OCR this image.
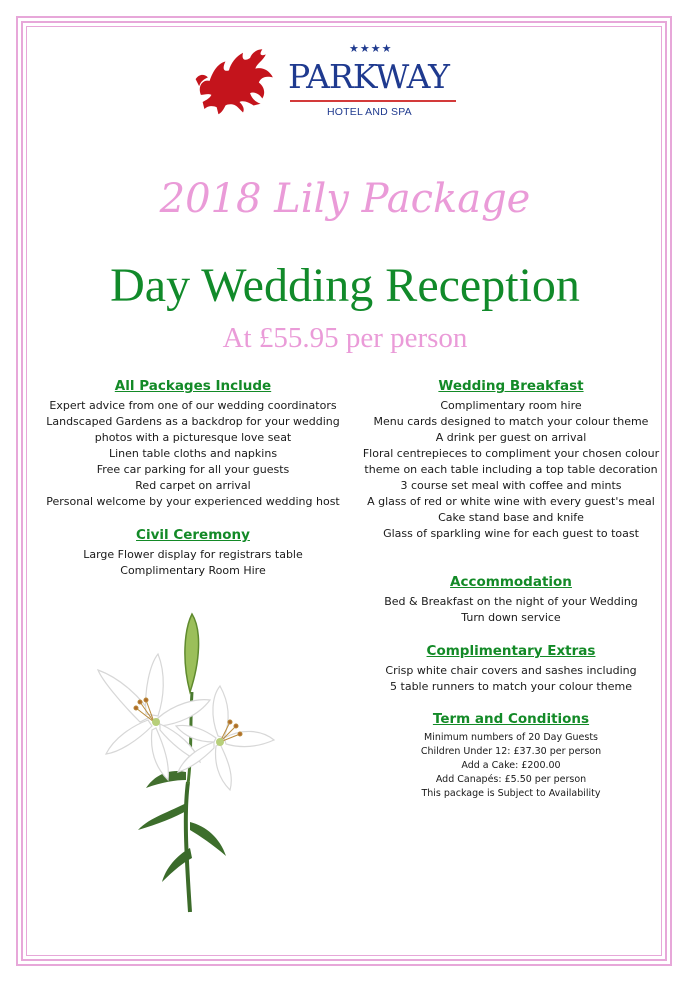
★★★★
PARKWAY
HOTEL AND SPA
2018 Lily Package
Day Wedding Reception
At £55.95 per person

All Packages Include

Expert advice from one of our wedding coordinators

Landscaped Gardens as a backdrop for your wedding

photos with a picturesque love seat

Linen table cloths and napkins

Free car parking for all your guests

Red carpet on arrival

Personal welcome by your experienced wedding host

Civil Ceremony

Large Flower display for registrars table

Complimentary Room Hire

Wedding Breakfast

Complimentary room hire

Menu cards designed to match your colour theme

A drink per guest on arrival

Floral centrepieces to compliment your chosen colour

theme on each table including a top table decoration

3 course set meal with coffee and mints

A glass of red or white wine with every guest's meal

Cake stand base and knife

Glass of sparkling wine for each guest to toast

Accommodation

Bed & Breakfast on the night of your Wedding

Turn down service

Complimentary Extras

Crisp white chair covers and sashes including

5 table runners to match your colour theme

Term and Conditions

Minimum numbers of 20 Day Guests

Children Under 12: £37.30 per person

Add a Cake: £200.00

Add Canapés: £5.50 per person

This package is Subject to Availability
